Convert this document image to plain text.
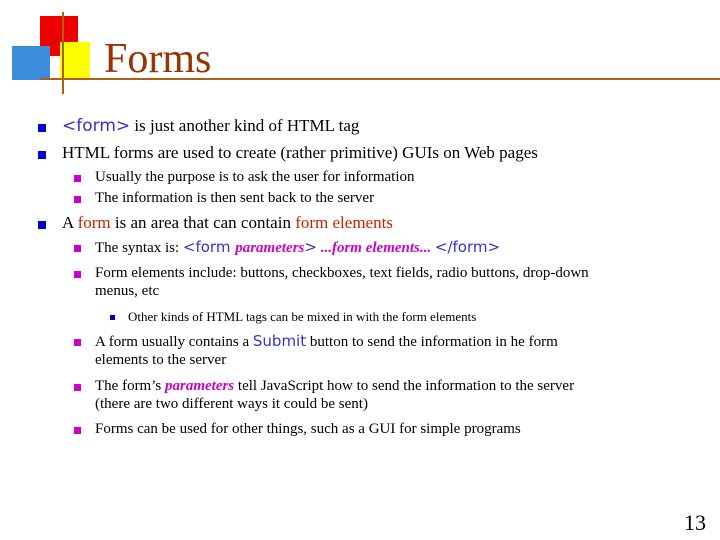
Forms
<form> is just another kind of HTML tag
HTML forms are used to create (rather primitive) GUIs on Web pages
Usually the purpose is to ask the user for information
The information is then sent back to the server
A form is an area that can contain form elements
The syntax is: <form parameters> ...form elements... </form>
Form elements include: buttons, checkboxes, text fields, radio buttons, drop-down
menus, etc
Other kinds of HTML tags can be mixed in with the form elements
A form usually contains a Submit button to send the information in he form
elements to the server
The form’s parameters tell JavaScript how to send the information to the server
(there are two different ways it could be sent)
Forms can be used for other things, such as a GUI for simple programs
13
